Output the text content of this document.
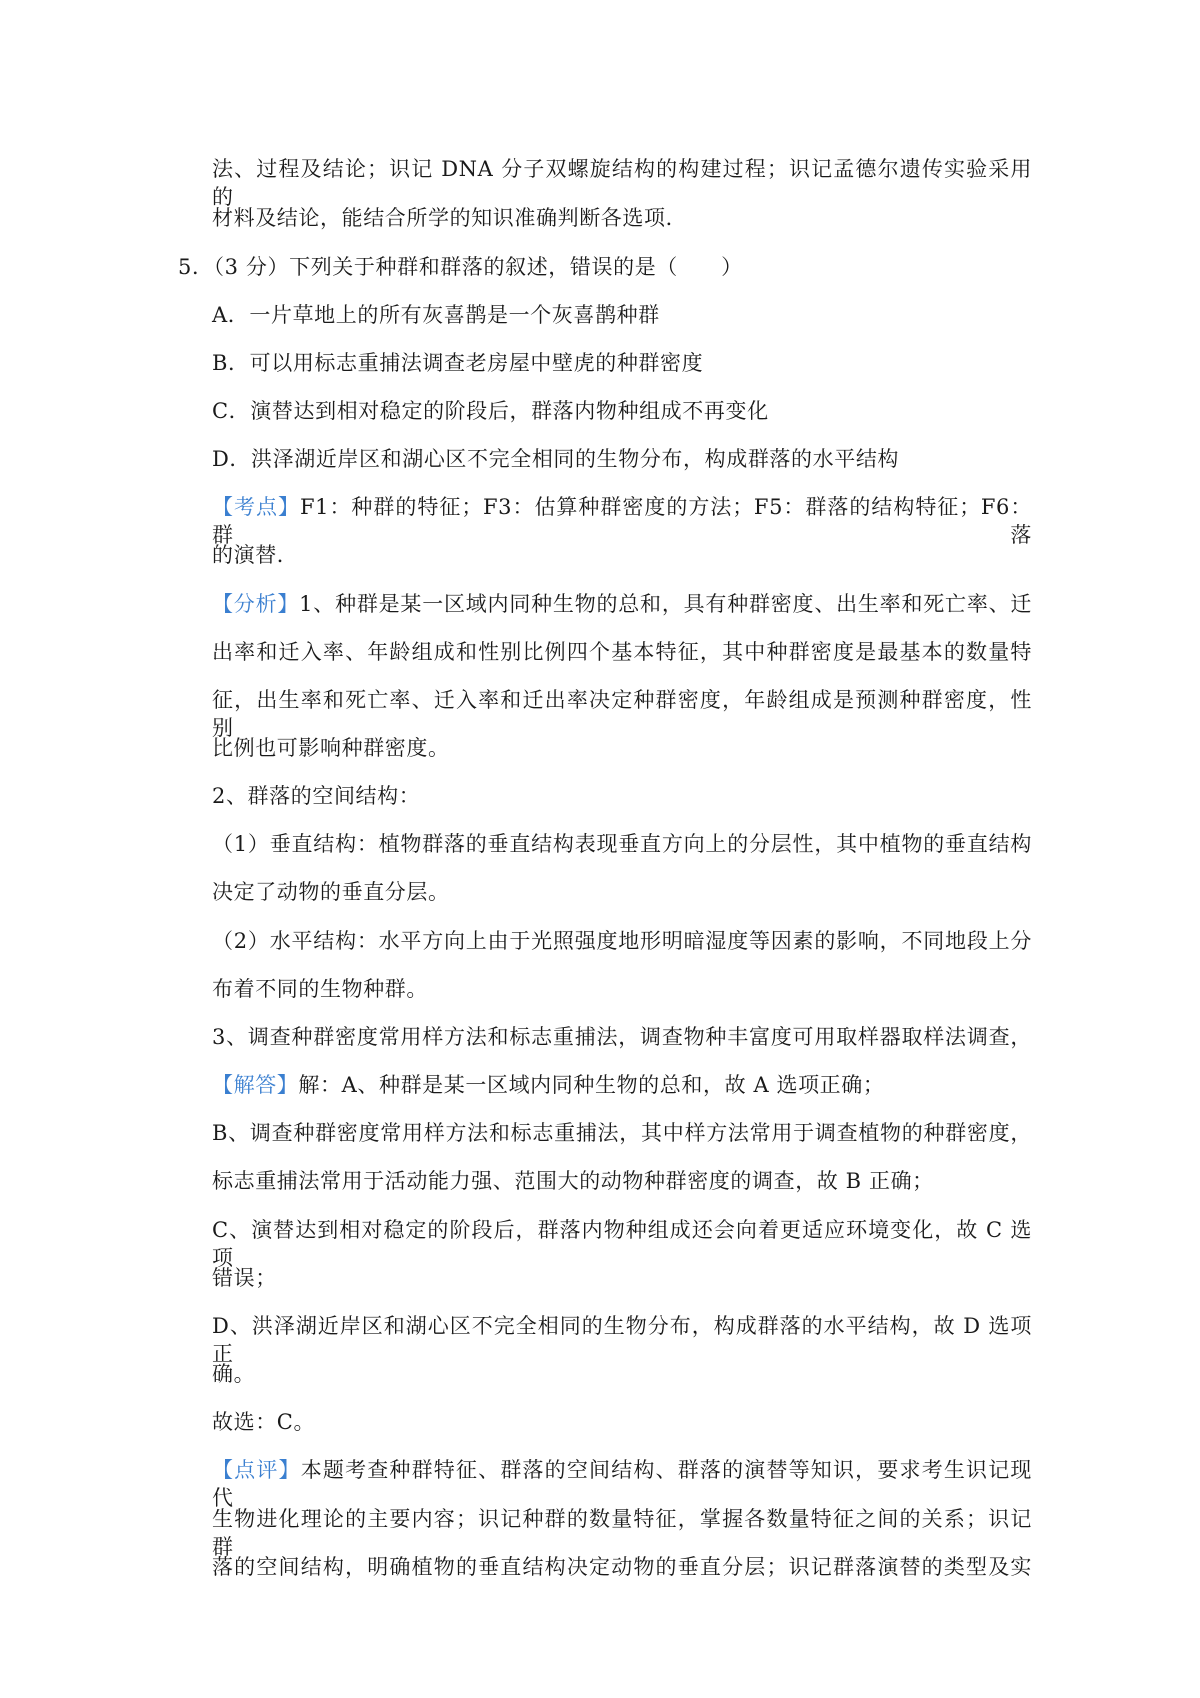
法、过程及结论；识记 DNA 分子双螺旋结构的构建过程；识记孟德尔遗传实验采用的
材料及结论，能结合所学的知识准确判断各选项．
5．（3 分）下列关于种群和群落的叙述，错误的是（　　）
A．一片草地上的所有灰喜鹊是一个灰喜鹊种群
B．可以用标志重捕法调查老房屋中壁虎的种群密度
C．演替达到相对稳定的阶段后，群落内物种组成不再变化
D．洪泽湖近岸区和湖心区不完全相同的生物分布，构成群落的水平结构
【考点】F1：种群的特征；F3：估算种群密度的方法；F5：群落的结构特征；F6：群落
的演替．
【分析】1、种群是某一区域内同种生物的总和，具有种群密度、出生率和死亡率、迁
出率和迁入率、年龄组成和性别比例四个基本特征，其中种群密度是最基本的数量特
征，出生率和死亡率、迁入率和迁出率决定种群密度，年龄组成是预测种群密度，性别
比例也可影响种群密度。
2、群落的空间结构：
（1）垂直结构：植物群落的垂直结构表现垂直方向上的分层性，其中植物的垂直结构
决定了动物的垂直分层。
（2）水平结构：水平方向上由于光照强度地形明暗湿度等因素的影响，不同地段上分
布着不同的生物种群。
3、调查种群密度常用样方法和标志重捕法，调查物种丰富度可用取样器取样法调查，
【解答】解：A、种群是某一区域内同种生物的总和，故 A 选项正确；
B、调查种群密度常用样方法和标志重捕法，其中样方法常用于调查植物的种群密度，
标志重捕法常用于活动能力强、范围大的动物种群密度的调查，故 B 正确；
C、演替达到相对稳定的阶段后，群落内物种组成还会向着更适应环境变化，故 C 选项
错误；
D、洪泽湖近岸区和湖心区不完全相同的生物分布，构成群落的水平结构，故 D 选项正
确。
故选：C。
【点评】本题考查种群特征、群落的空间结构、群落的演替等知识，要求考生识记现代
生物进化理论的主要内容；识记种群的数量特征，掌握各数量特征之间的关系；识记群
落的空间结构，明确植物的垂直结构决定动物的垂直分层；识记群落演替的类型及实
